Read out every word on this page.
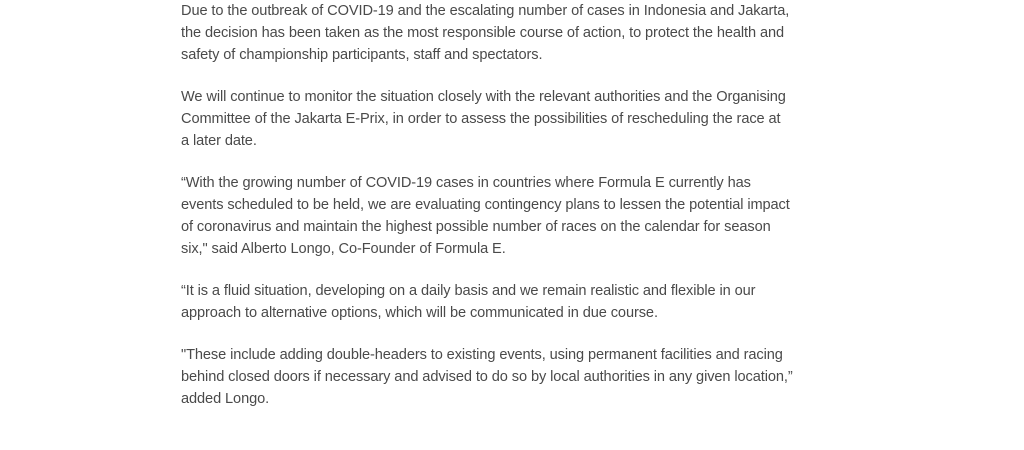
Due to the outbreak of COVID-19 and the escalating number of cases in Indonesia and Jakarta,
the decision has been taken as the most responsible course of action, to protect the health and
safety of championship participants, staff and spectators.

We will continue to monitor the situation closely with the relevant authorities and the Organising
Committee of the Jakarta E-Prix, in order to assess the possibilities of rescheduling the race at
a later date.

“With the growing number of COVID-19 cases in countries where Formula E currently has
events scheduled to be held, we are evaluating contingency plans to lessen the potential impact
of coronavirus and maintain the highest possible number of races on the calendar for season
six," said Alberto Longo, Co-Founder of Formula E.

“It is a fluid situation, developing on a daily basis and we remain realistic and flexible in our
approach to alternative options, which will be communicated in due course.

"These include adding double-headers to existing events, using permanent facilities and racing
behind closed doors if necessary and advised to do so by local authorities in any given location,”
added Longo.
